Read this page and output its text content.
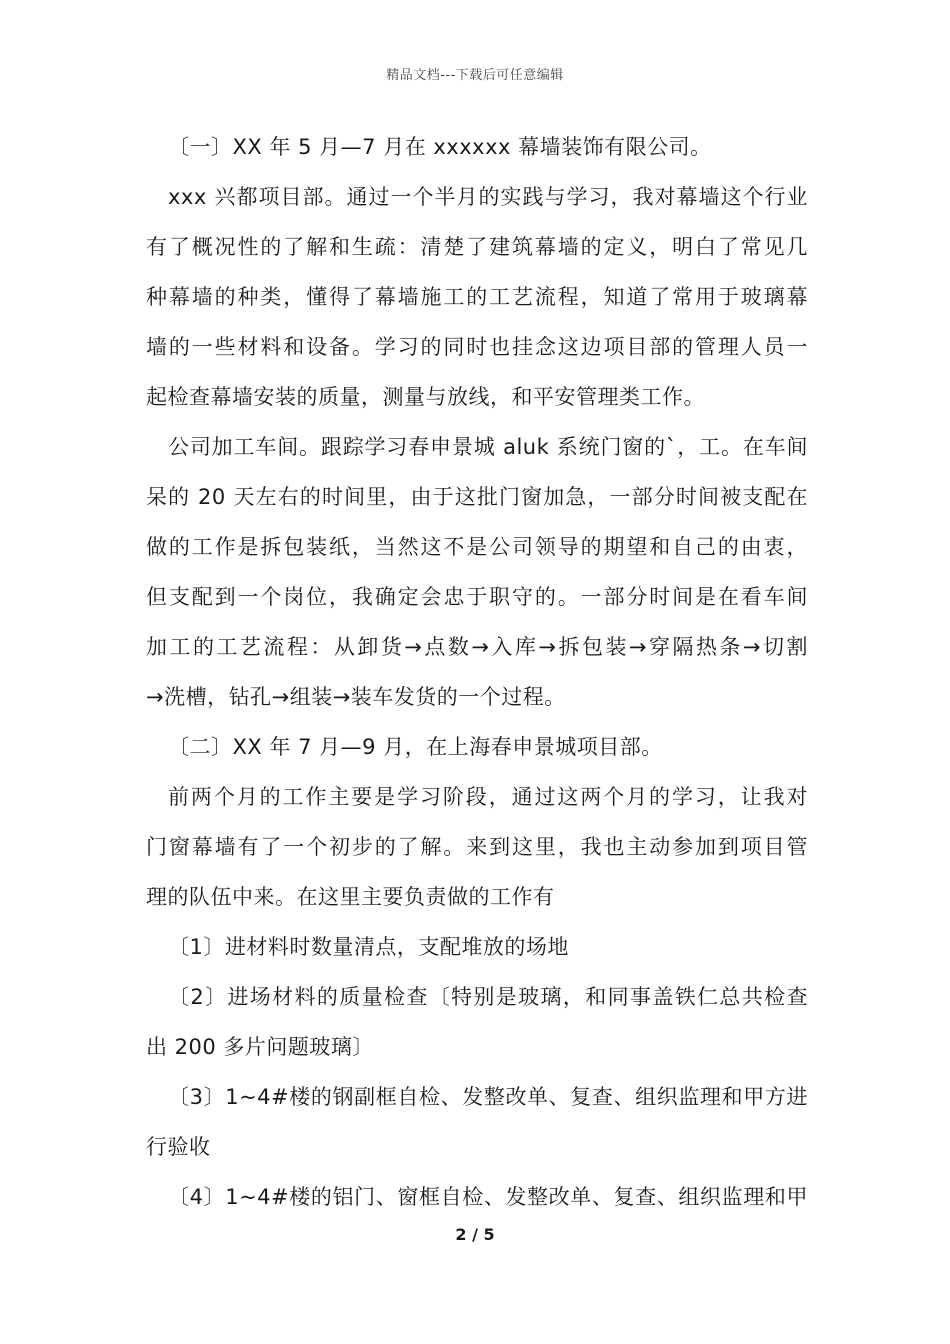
精品文档---下载后可任意编辑
〔一〕XX 年 5 月—7 月在 xxxxxx 幕墙装饰有限公司。
xxx 兴都项目部。通过一个半月的实践与学习，我对幕墙这个行业
有了概况性的了解和生疏：清楚了建筑幕墙的定义，明白了常见几
种幕墙的种类，懂得了幕墙施工的工艺流程，知道了常用于玻璃幕
墙的一些材料和设备。学习的同时也挂念这边项目部的管理人员一
起检查幕墙安装的质量，测量与放线，和平安管理类工作。
公司加工车间。跟踪学习春申景城 aluk 系统门窗的`，工。在车间
呆的 20 天左右的时间里，由于这批门窗加急，一部分时间被支配在
做的工作是拆包装纸，当然这不是公司领导的期望和自己的由衷，
但支配到一个岗位，我确定会忠于职守的。一部分时间是在看车间
加工的工艺流程：从卸货→点数→入库→拆包装→穿隔热条→切割
→洗槽，钻孔→组装→装车发货的一个过程。
〔二〕XX 年 7 月—9 月，在上海春申景城项目部。
前两个月的工作主要是学习阶段，通过这两个月的学习，让我对
门窗幕墙有了一个初步的了解。来到这里，我也主动参加到项目管
理的队伍中来。在这里主要负责做的工作有
〔1〕进材料时数量清点，支配堆放的场地
〔2〕进场材料的质量检查〔特别是玻璃，和同事盖铁仁总共检查
出 200 多片问题玻璃〕
〔3〕1~4#楼的钢副框自检、发整改单、复查、组织监理和甲方进
行验收
〔4〕1~4#楼的铝门、窗框自检、发整改单、复查、组织监理和甲
2 / 5
